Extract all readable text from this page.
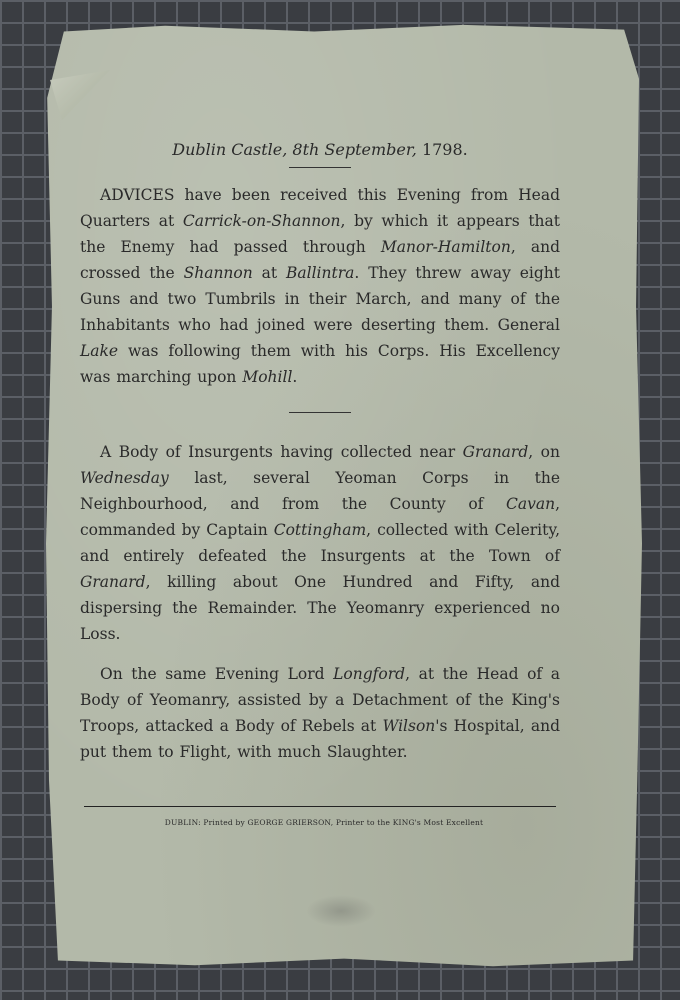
Dublin Castle, 8th September, 1798.

ADVICES have been received this Evening from Head Quarters at Carrick-on-Shannon, by which it appears that the Enemy had passed through Manor-Hamilton, and crossed the Shannon at Ballintra. They threw away eight Guns and two Tumbrils in their March, and many of the Inhabitants who had joined were deserting them. General Lake was following them with his Corps. His Excellency was marching upon Mohill.

A Body of Insurgents having collected near Granard, on Wednesday last, several Yeoman Corps in the Neighbourhood, and from the County of Cavan, commanded by Captain Cottingham, collected with Celerity, and entirely defeated the Insurgents at the Town of Granard, killing about One Hundred and Fifty, and dispersing the Remainder. The Yeomanry experienced no Loss.

On the same Evening Lord Longford, at the Head of a Body of Yeomanry, assisted by a Detachment of the King's Troops, attacked a Body of Rebels at Wilson's Hospital, and put them to Flight, with much Slaughter.

DUBLIN: Printed by GEORGE GRIERSON, Printer to the KING's Most Excellent
